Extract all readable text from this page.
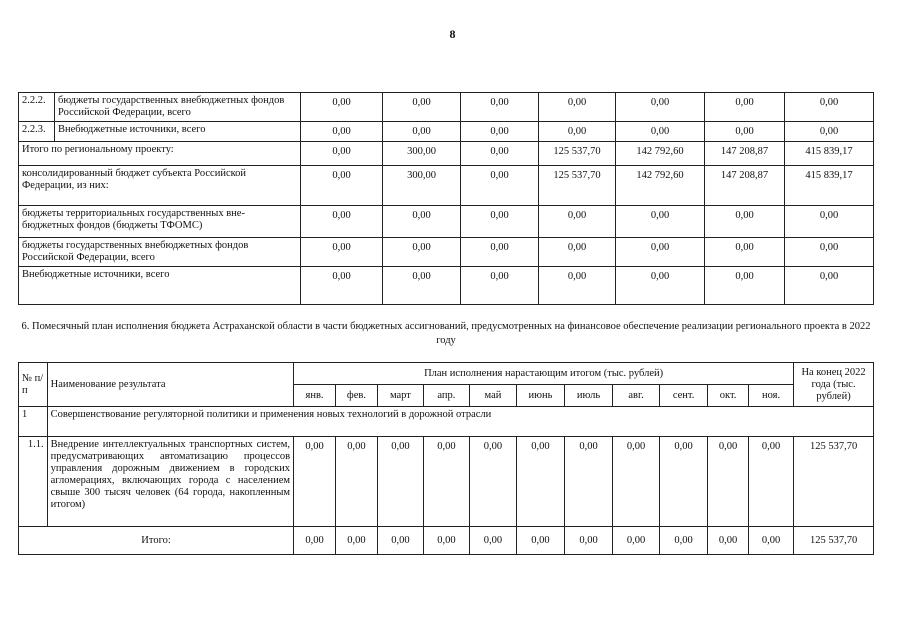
8
2.2.2.	бюджеты государственных внебюджетных фондов Российской Федерации, всего	0,00	0,00	0,00	0,00	0,00	0,00	0,00
2.2.3.	Внебюджетные источники, всего	0,00	0,00	0,00	0,00	0,00	0,00	0,00
Итого по региональному проекту:		0,00	300,00	0,00	125 537,70	142 792,60	147 208,87	415 839,17
консолидированный бюджет субъекта Российской Федерации, из них:		0,00	300,00	0,00	125 537,70	142 792,60	147 208,87	415 839,17
бюджеты территориальных государственных вне-бюджетных фондов (бюджеты ТФОМС)		0,00	0,00	0,00	0,00	0,00	0,00	0,00
бюджеты государственных внебюджетных фондов Российской Федерации, всего		0,00	0,00	0,00	0,00	0,00	0,00	0,00
Внебюджетные источники, всего		0,00	0,00	0,00	0,00	0,00	0,00	0,00
6. Помесячный план исполнения бюджета Астраханской области в части бюджетных ассигнований, предусмотренных на финансовое обеспечение реализации регионального проекта в 2022 году
№ п/п	Наименование результата	План исполнения нарастающим итогом (тыс. рублей)											На конец 2022 года (тыс. рублей)
		янв.	фев.	март	апр.	май	июнь	июль	авг.	сент.	окт.	ноя.	
1	Совершенствование регуляторной политики и применения новых технологий в дорожной отрасли												
1.1.	Внедрение интеллектуальных транспортных систем, предусматривающих автоматизацию процессов управления дорожным движением в городских агломерациях, включающих города с населением свыше 300 тысяч человек (64 города, накопленным итогом)	0,00	0,00	0,00	0,00	0,00	0,00	0,00	0,00	0,00	0,00	0,00	125 537,70
Итого:		0,00	0,00	0,00	0,00	0,00	0,00	0,00	0,00	0,00	0,00	0,00	125 537,70
